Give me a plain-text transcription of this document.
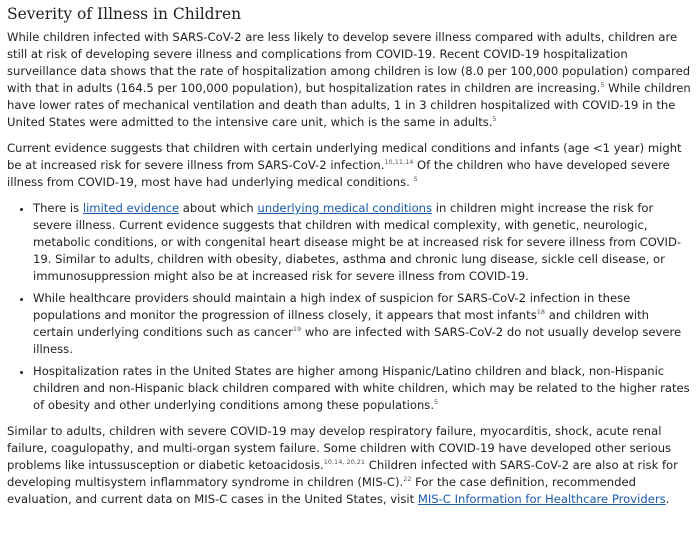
Severity of Illness in Children

While children infected with SARS-CoV-2 are less likely to develop severe illness compared with adults, children are still at risk of developing severe illness and complications from COVID-19. Recent COVID-19 hospitalization surveillance data shows that the rate of hospitalization among children is low (8.0 per 100,000 population) compared with that in adults (164.5 per 100,000 population), but hospitalization rates in children are increasing.$^5$ While children have lower rates of mechanical ventilation and death than adults, 1 in 3 children hospitalized with COVID-19 in the United States were admitted to the intensive care unit, which is the same in adults.$^5$

Current evidence suggests that children with certain underlying medical conditions and infants (age <1 year) might be at increased risk for severe illness from SARS-CoV-2 infection.$^{10,11,14}$ Of the children who have developed severe illness from COVID-19, most have had underlying medical conditions. $^5$

• There is limited evidence about which underlying medical conditions in children might increase the risk for severe illness. Current evidence suggests that children with medical complexity, with genetic, neurologic, metabolic conditions, or with congenital heart disease might be at increased risk for severe illness from COVID-19. Similar to adults, children with obesity, diabetes, asthma and chronic lung disease, sickle cell disease, or immunosuppression might also be at increased risk for severe illness from COVID-19.
• While healthcare providers should maintain a high index of suspicion for SARS-CoV-2 infection in these populations and monitor the progression of illness closely, it appears that most infants$^{18}$ and children with certain underlying conditions such as cancer$^{19}$ who are infected with SARS-CoV-2 do not usually develop severe illness.
• Hospitalization rates in the United States are higher among Hispanic/Latino children and black, non-Hispanic children and non-Hispanic black children compared with white children, which may be related to the higher rates of obesity and other underlying conditions among these populations.$^5$

Similar to adults, children with severe COVID-19 may develop respiratory failure, myocarditis, shock, acute renal failure, coagulopathy, and multi-organ system failure. Some children with COVID-19 have developed other serious problems like intussusception or diabetic ketoacidosis.$^{10,14, 20,21}$ Children infected with SARS-CoV-2 are also at risk for developing multisystem inflammatory syndrome in children (MIS-C).$^{22}$ For the case definition, recommended evaluation, and current data on MIS-C cases in the United States, visit MIS-C Information for Healthcare Providers.
